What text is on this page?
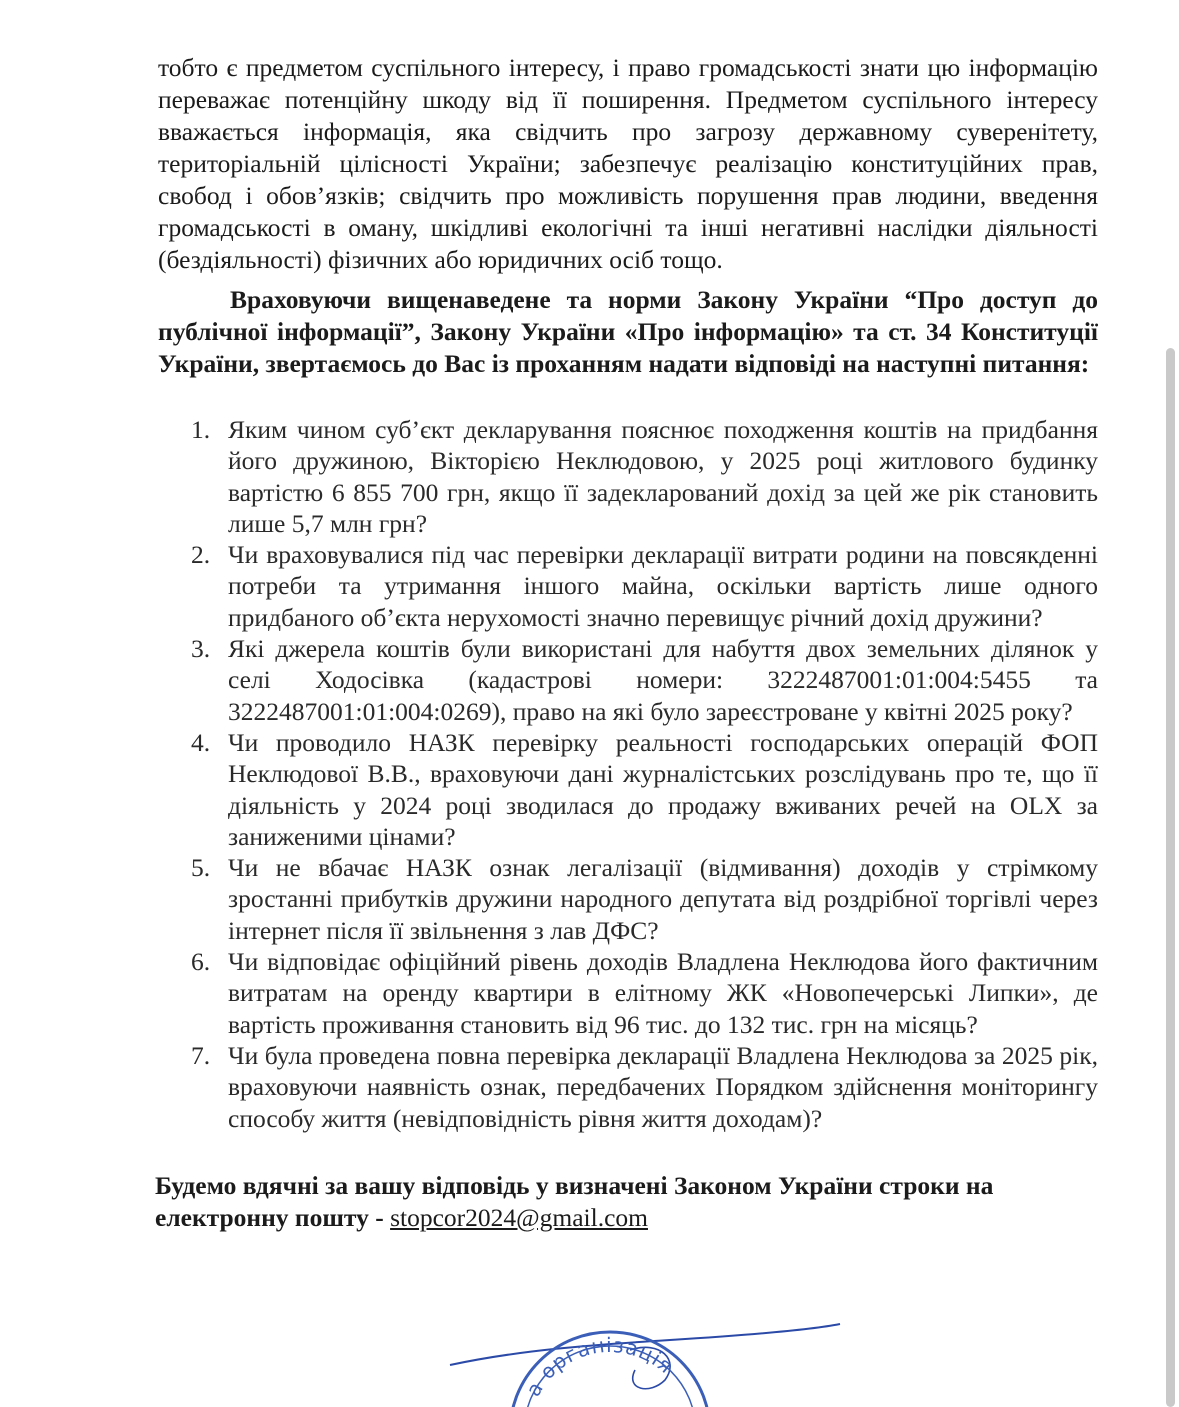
тобто є предметом суспільного інтересу, і право громадськості знати цю інформацію переважає потенційну шкоду від її поширення. Предметом суспільного інтересу вважається інформація, яка свідчить про загрозу державному суверенітету, територіальній цілісності України; забезпечує реалізацію конституційних прав, свобод і обов’язків; свідчить про можливість порушення прав людини, введення громадськості в оману, шкідливі екологічні та інші негативні наслідки діяльності (бездіяльності) фізичних або юридичних осіб тощо.

Враховуючи вищенаведене та норми Закону України “Про доступ до публічної інформації”, Закону України «Про інформацію» та ст. 34 Конституції України, звертаємось до Вас із проханням надати відповіді на наступні питання:

1. Яким чином суб’єкт декларування пояснює походження коштів на придбання його дружиною, Вікторією Неклюдовою, у 2025 році житлового будинку вартістю 6 855 700 грн, якщо її задекларований дохід за цей же рік становить лише 5,7 млн грн?
2. Чи враховувалися під час перевірки декларації витрати родини на повсякденні потреби та утримання іншого майна, оскільки вартість лише одного придбаного об’єкта нерухомості значно перевищує річний дохід дружини?
3. Які джерела коштів були використані для набуття двох земельних ділянок у селі Ходосівка (кадастрові номери: 3222487001:01:004:5455 та 3222487001:01:004:0269), право на які було зареєстроване у квітні 2025 року?
4. Чи проводило НАЗК перевірку реальності господарських операцій ФОП Неклюдової В.В., враховуючи дані журналістських розслідувань про те, що її діяльність у 2024 році зводилася до продажу вживаних речей на OLX за заниженими цінами?
5. Чи не вбачає НАЗК ознак легалізації (відмивання) доходів у стрімкому зростанні прибутків дружини народного депутата від роздрібної торгівлі через інтернет після її звільнення з лав ДФС?
6. Чи відповідає офіційний рівень доходів Владлена Неклюдова його фактичним витратам на оренду квартири в елітному ЖК «Новопечерські Липки», де вартість проживання становить від 96 тис. до 132 тис. грн на місяць?
7. Чи була проведена повна перевірка декларації Владлена Неклюдова за 2025 рік, враховуючи наявність ознак, передбачених Порядком здійснення моніторингу способу життя (невідповідність рівня життя доходам)?

Будемо вдячні за вашу відповідь у визначені Законом України строки на електронну пошту - stopcor2024@gmail.com

а організація
